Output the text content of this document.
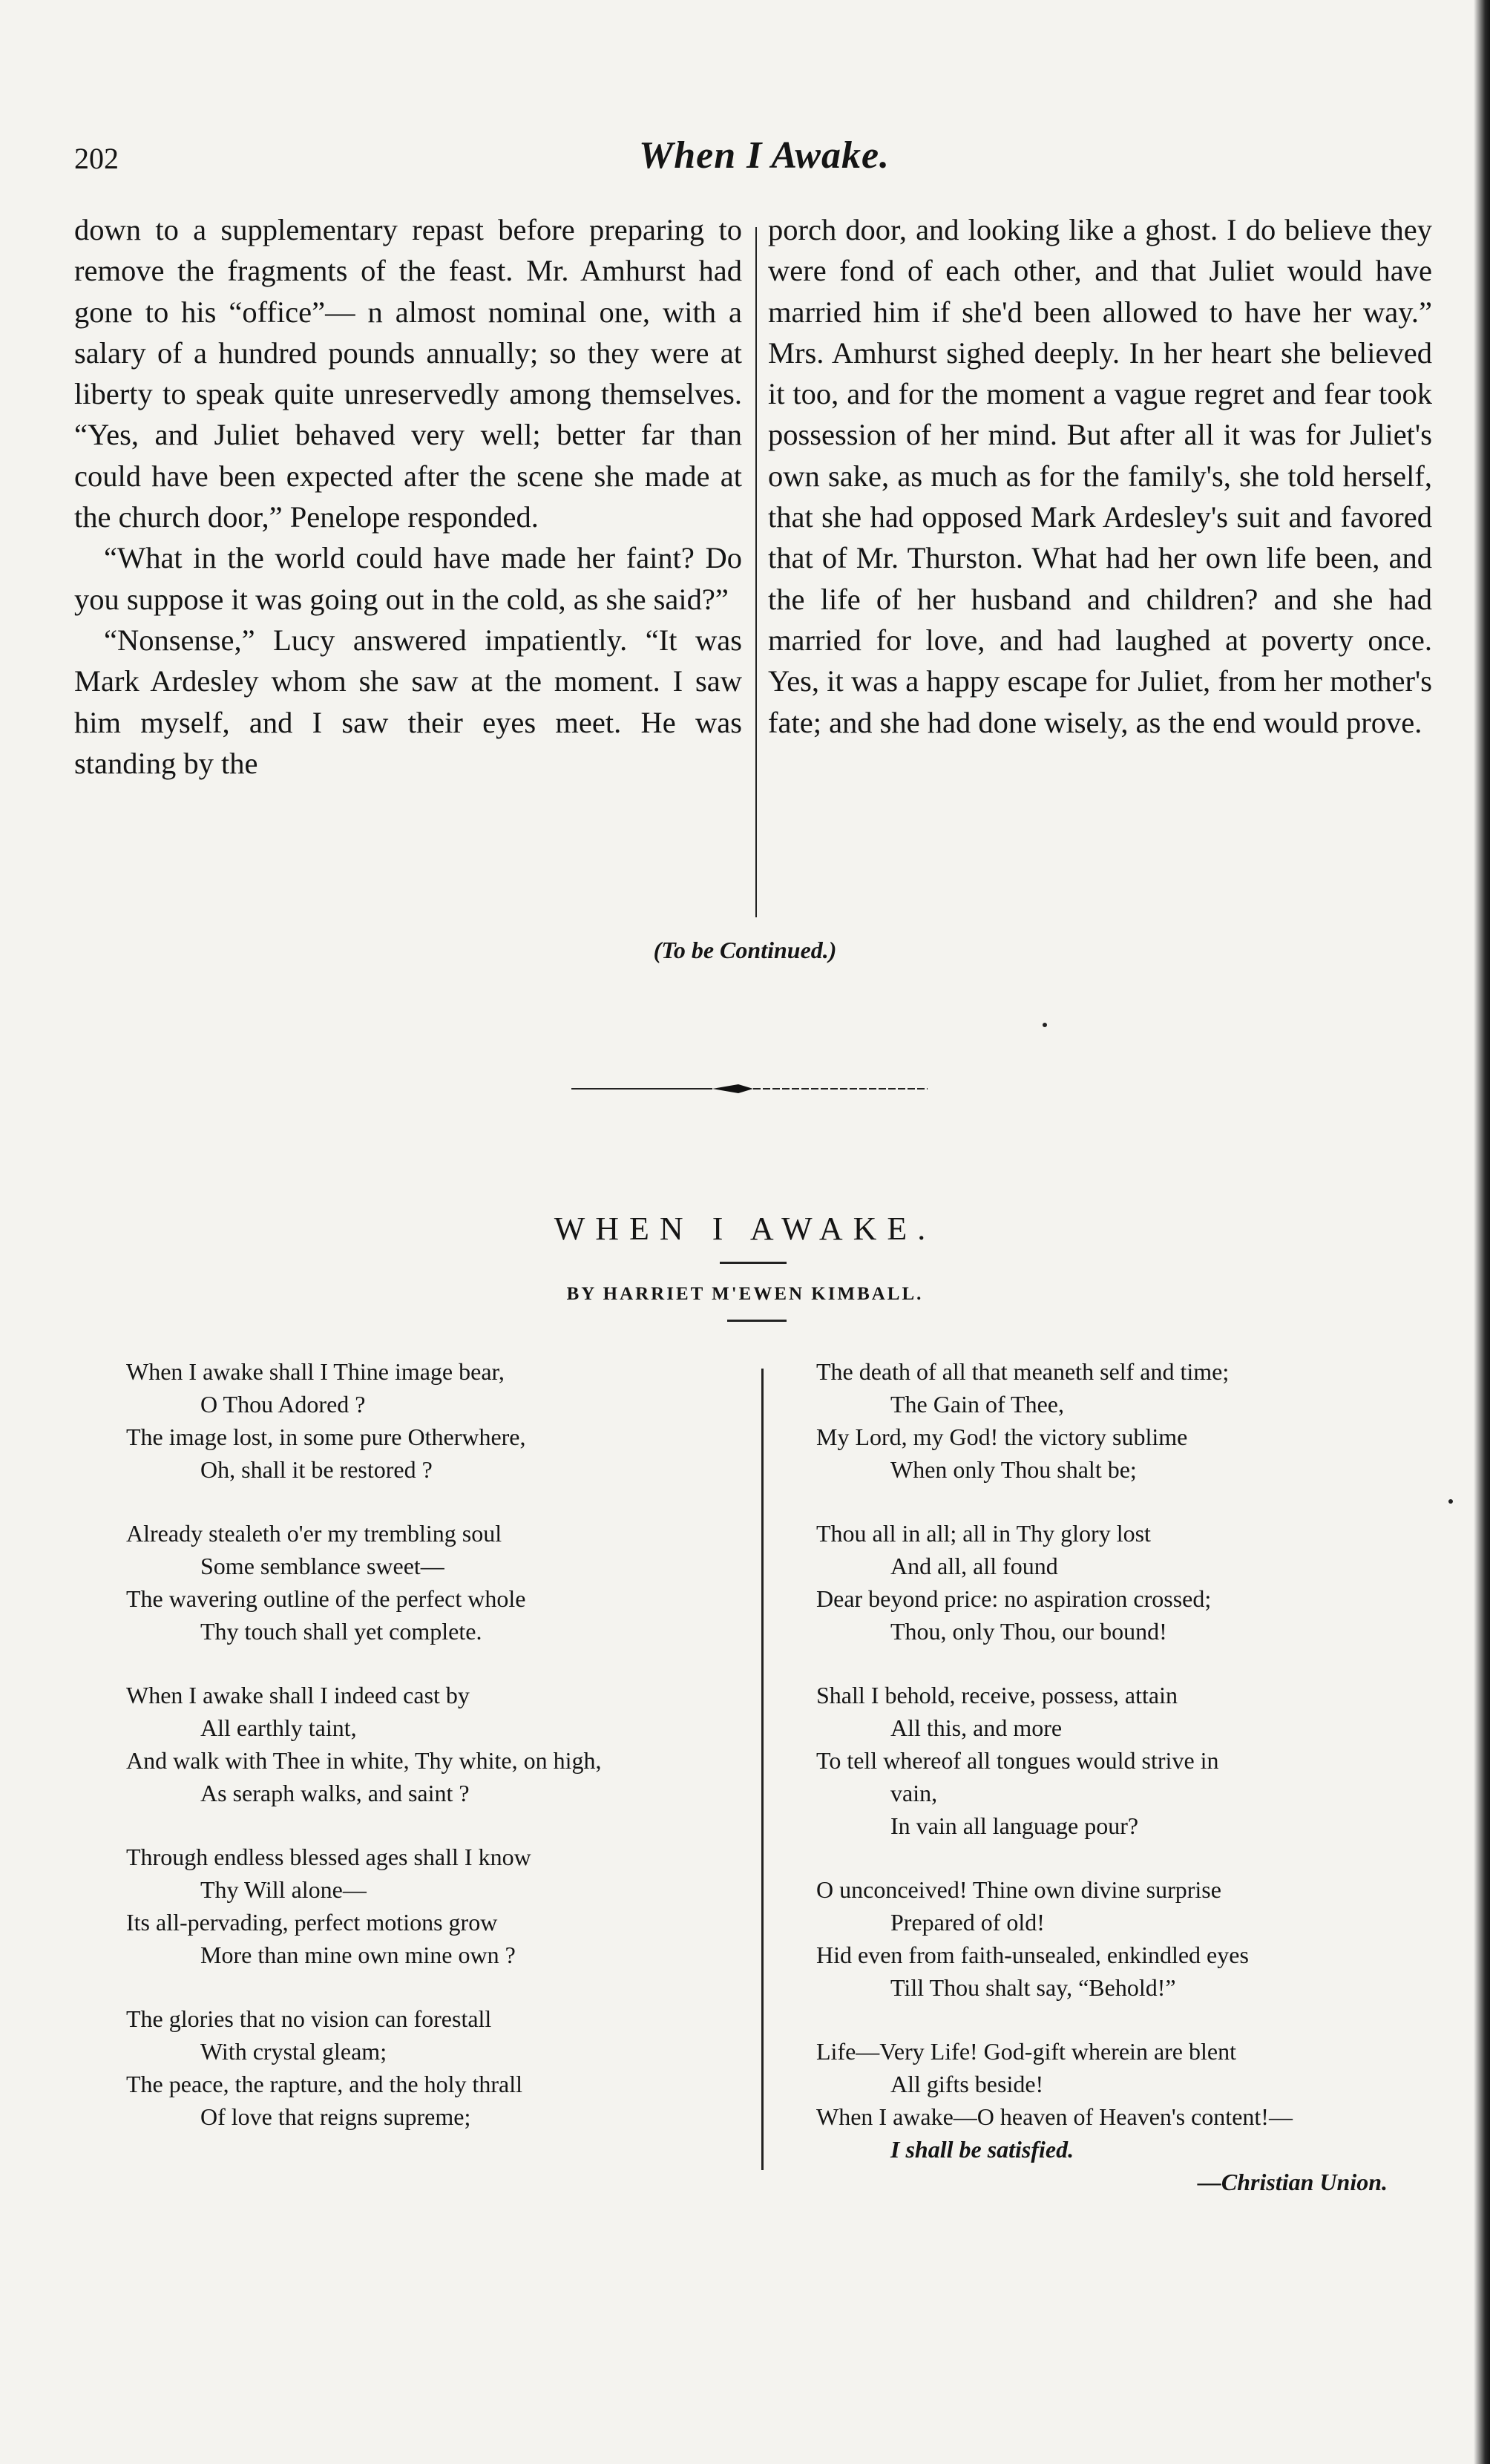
202	When I Awake.

down to a supplementary repast before preparing to remove the fragments of the feast. Mr. Amhurst had gone to his “office”— n almost nominal one, with a salary of a hundred pounds annually; so they were at liberty to speak quite unreservedly among themselves. “Yes, and Juliet behaved very well; better far than could have been expected after the scene she made at the church door,” Penelope responded.

“What in the world could have made her faint? Do you suppose it was going out in the cold, as she said?”

“Nonsense,” Lucy answered impatiently. “It was Mark Ardesley whom she saw at the moment. I saw him myself, and I saw their eyes meet. He was standing by the

porch door, and looking like a ghost. I do believe they were fond of each other, and that Juliet would have married him if she'd been allowed to have her way.” Mrs. Amhurst sighed deeply. In her heart she believed it too, and for the moment a vague regret and fear took possession of her mind. But after all it was for Juliet's own sake, as much as for the family's, she told herself, that she had opposed Mark Ardesley's suit and favored that of Mr. Thurston. What had her own life been, and the life of her husband and children? and she had married for love, and had laughed at poverty once. Yes, it was a happy escape for Juliet, from her mother's fate; and she had done wisely, as the end would prove.

(To be Continued.)
WHEN I AWAKE.
BY HARRIET M'EWEN KIMBALL.
When I awake shall I Thine image bear,
O Thou Adored ?
The image lost, in some pure Otherwhere,
Oh, shall it be restored ?
Already stealeth o'er my trembling soul
Some semblance sweet—
The wavering outline of the perfect whole
Thy touch shall yet complete.
When I awake shall I indeed cast by
All earthly taint,
And walk with Thee in white, Thy white, on high,
As seraph walks, and saint ?
Through endless blessed ages shall I know
Thy Will alone—
Its all-pervading, perfect motions grow
More than mine own mine own ?
The glories that no vision can forestall
With crystal gleam;
The peace, the rapture, and the holy thrall
Of love that reigns supreme;
The death of all that meaneth self and time;
The Gain of Thee,
My Lord, my God! the victory sublime
When only Thou shalt be;
Thou all in all; all in Thy glory lost
And all, all found
Dear beyond price: no aspiration crossed;
Thou, only Thou, our bound!
Shall I behold, receive, possess, attain
All this, and more
To tell whereof all tongues would strive in
vain,
In vain all language pour?
O unconceived! Thine own divine surprise
Prepared of old!
Hid even from faith-unsealed, enkindled eyes
Till Thou shalt say, “Behold!”
Life—Very Life! God-gift wherein are blent
All gifts beside!
When I awake—O heaven of Heaven's content!—
I shall be satisfied.
—Christian Union.
